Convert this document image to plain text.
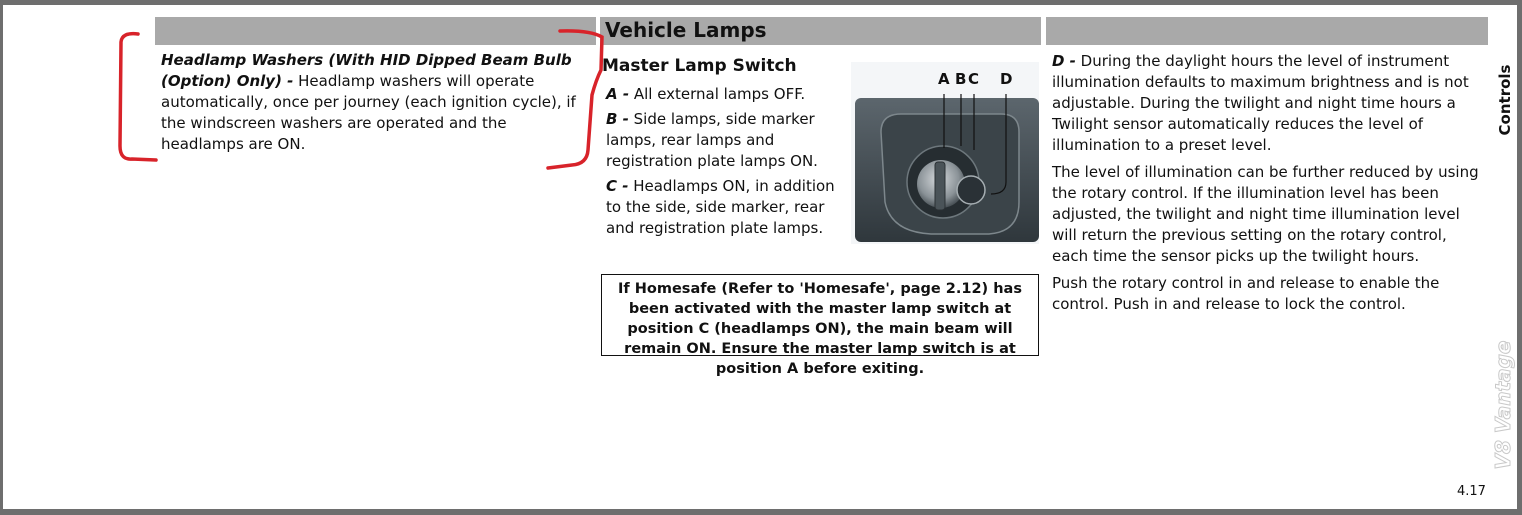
Vehicle Lamps
Headlamp Washers (With HID Dipped Beam Bulb (Option) Only) - Headlamp washers will operate automatically, once per journey (each ignition cycle), if the windscreen washers are operated and the headlamps are ON.
Master Lamp Switch

A - All external lamps OFF.

B - Side lamps, side marker lamps, rear lamps and registration plate lamps ON.

C - Headlamps ON, in addition to the side, side marker, rear and registration plate lamps.

A B C D
If Homesafe (Refer to 'Homesafe', page 2.12) has been activated with the master lamp switch at position C (headlamps ON), the main beam will remain ON. Ensure the master lamp switch is at position A before exiting.

D - During the daylight hours the level of instrument illumination defaults to maximum brightness and is not adjustable. During the twilight and night time hours a Twilight sensor automatically reduces the level of illumination to a preset level.

The level of illumination can be further reduced by using the rotary control. If the illumination level has been adjusted, the twilight and night time illumination level will return the previous setting on the rotary control, each time the sensor picks up the twilight hours.

Push the rotary control in and release to enable the control. Push in and release to lock the control.

Controls
V8 Vantage
4.17
